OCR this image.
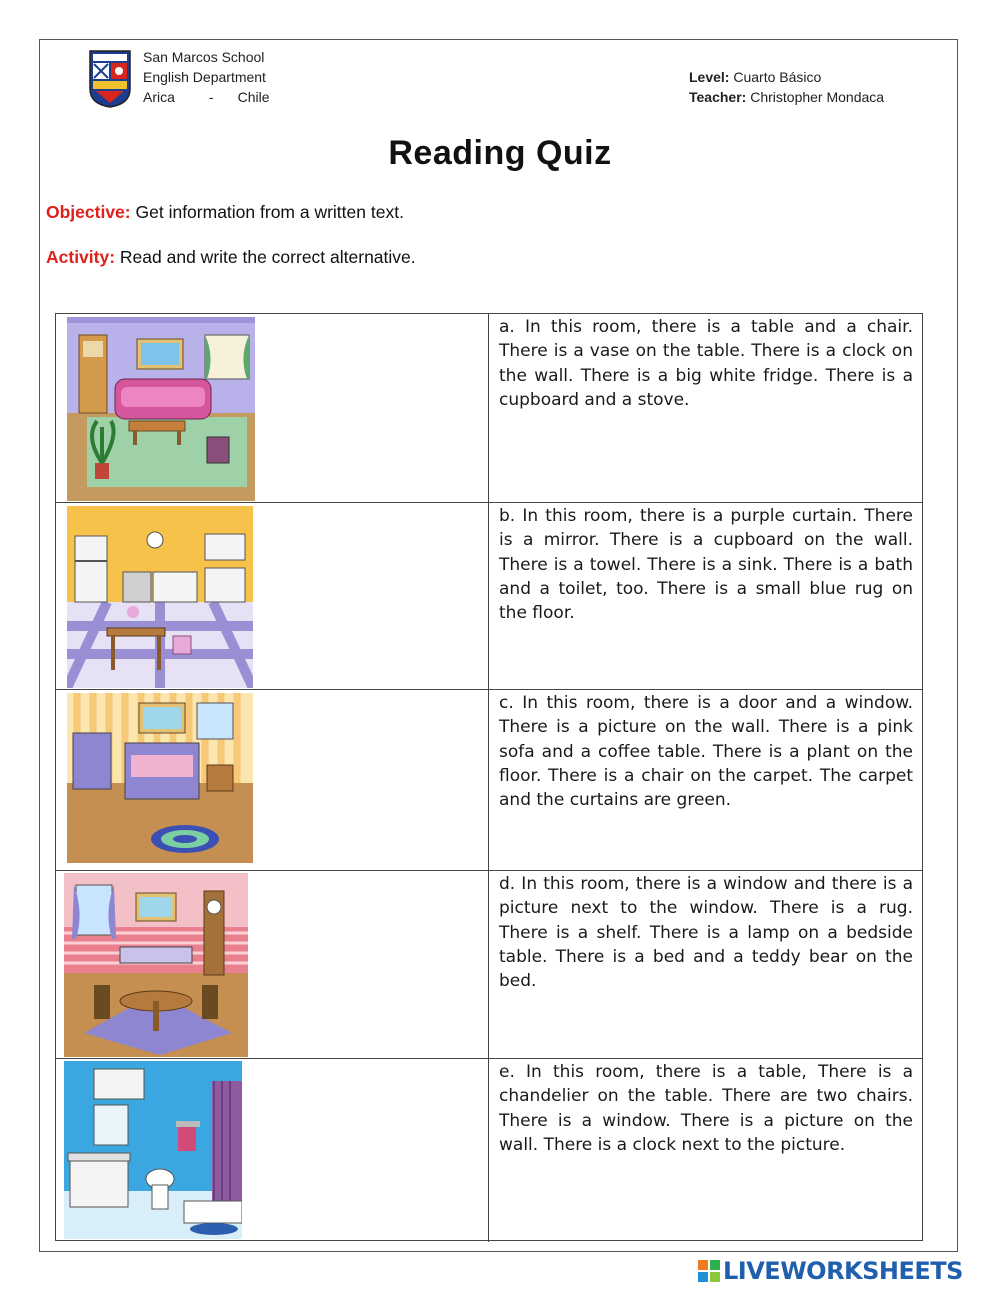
San Marcos School
English Department
Arica - Chile
Level: Cuarto Básico
Teacher: Christopher Mondaca
Reading Quiz
Objective: Get information from a written text.
Activity: Read and write the correct alternative.
a. In this room, there is a table and a chair. There is a vase on the table. There is a clock on the wall. There is a big white fridge. There is a cupboard and a stove.
b. In this room, there is a purple curtain. There is a mirror. There is a cupboard on the wall. There is a towel. There is a sink. There is a bath and a toilet, too. There is a small blue rug on the floor.
c. In this room, there is a door and a window. There is a picture on the wall. There is a pink sofa and a coffee table. There is a plant on the floor. There is a chair on the carpet. The carpet and the curtains are green.
d. In this room, there is a window and there is a picture next to the window. There is a rug. There is a shelf. There is a lamp on a bedside table. There is a bed and a teddy bear on the bed.
e. In this room, there is a table, There is a chandelier on the table. There are two chairs. There is a window. There is a picture on the wall. There is a clock next to the picture.
LIVEWORKSHEETS
